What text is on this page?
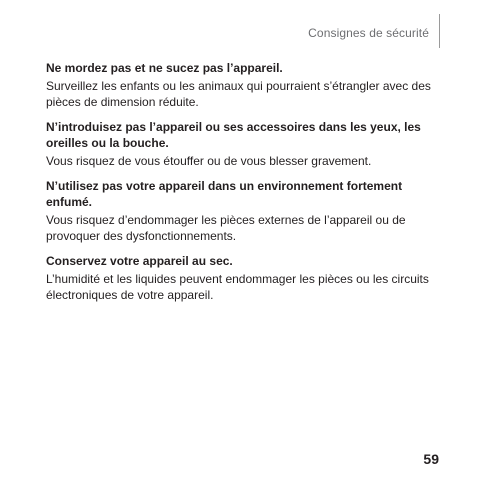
Consignes de sécurité

Ne mordez pas et ne sucez pas l’appareil.

Surveillez les enfants ou les animaux qui pourraient s’étrangler avec des pièces de dimension réduite.

N’introduisez pas l’appareil ou ses accessoires dans les yeux, les oreilles ou la bouche.

Vous risquez de vous étouffer ou de vous blesser gravement.

N’utilisez pas votre appareil dans un environnement fortement enfumé.

Vous risquez d’endommager les pièces externes de l’appareil ou de provoquer des dysfonctionnements.

Conservez votre appareil au sec.

L’humidité et les liquides peuvent endommager les pièces ou les circuits électroniques de votre appareil.

59
